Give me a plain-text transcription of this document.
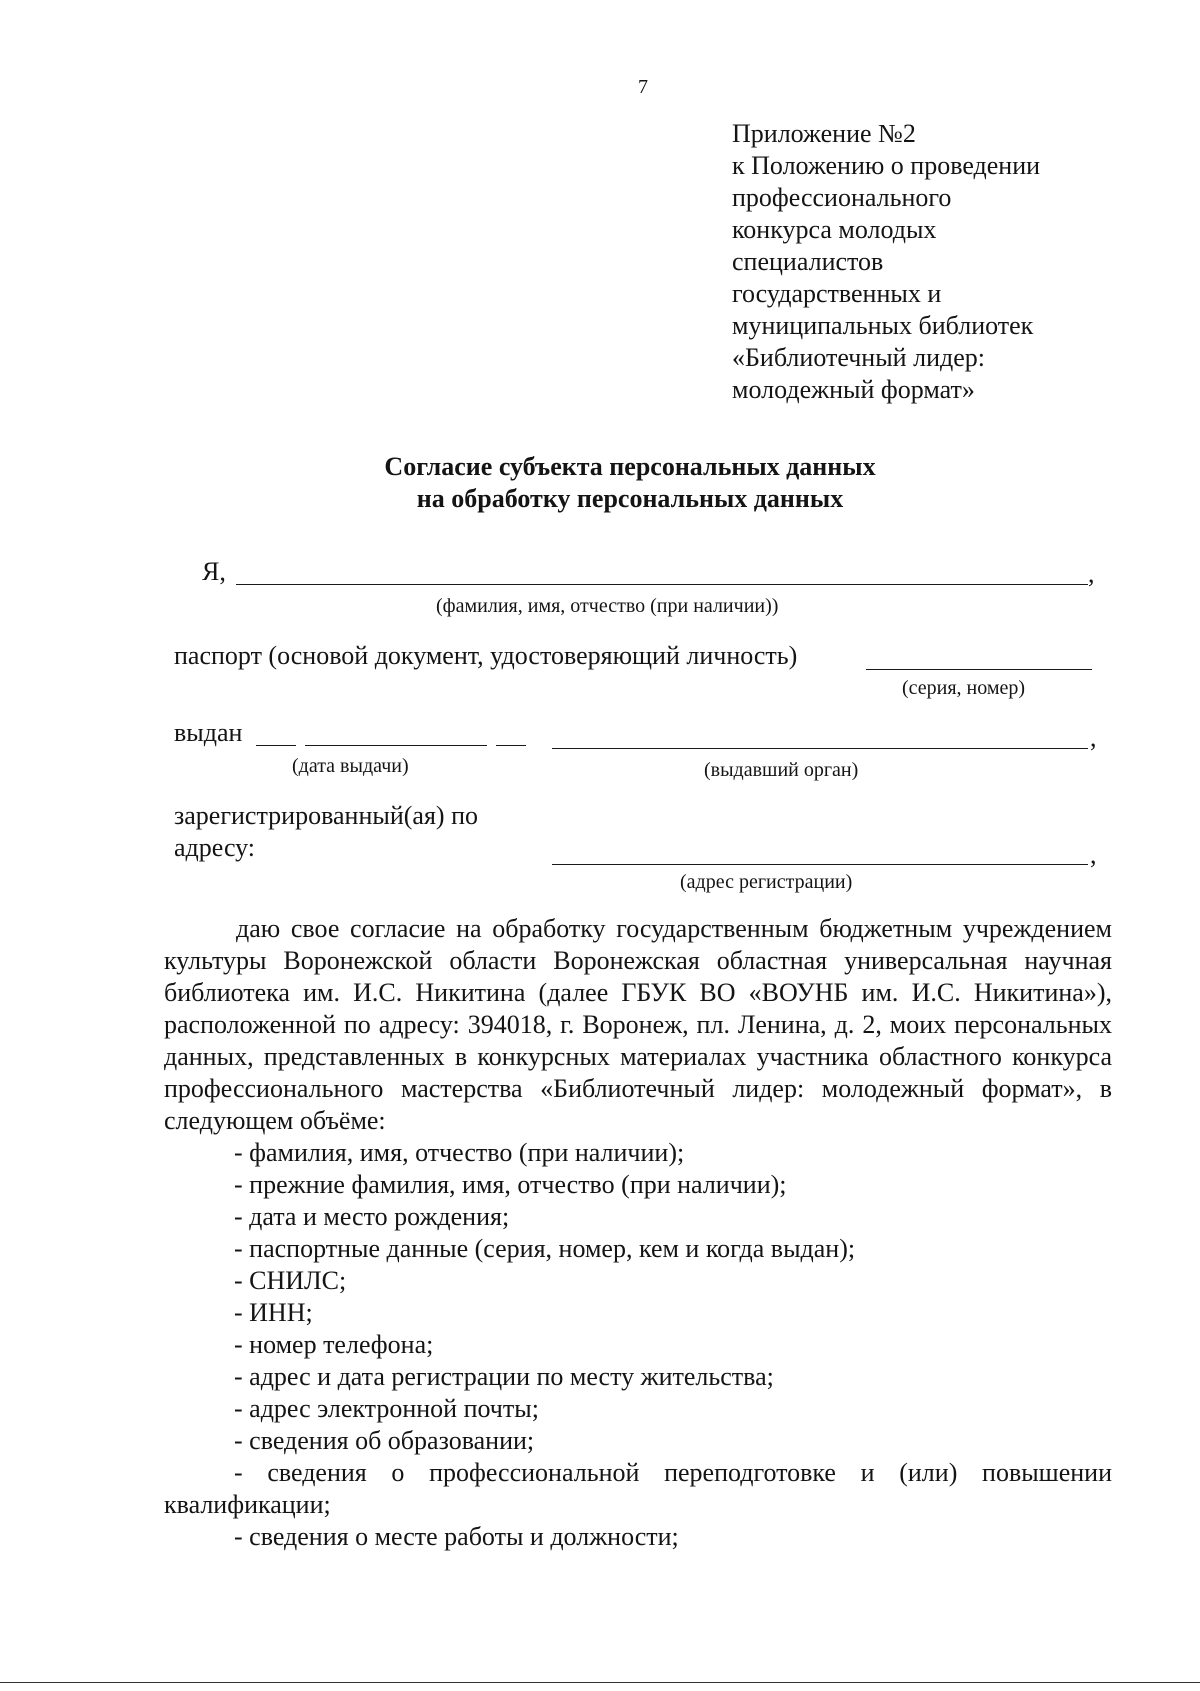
7
Приложение №2
к Положению о проведении
профессионального
конкурса молодых
специалистов
государственных и
муниципальных библиотек
«Библиотечный лидер:
молодежный формат»
Согласие субъекта персональных данных
на обработку персональных данных
Я,	,
(фамилия, имя, отчество (при наличии))
паспорт (основой документ, удостоверяющий личность)
(серия, номер)
выдан	,
(дата выдачи)	(выдавший орган)
зарегистрированный(ая) по
адресу:	,
(адрес регистрации)
даю свое согласие на обработку государственным бюджетным учреждением культуры Воронежской области Воронежская областная универсальная научная библиотека им. И.С. Никитина (далее ГБУК ВО «ВОУНБ им. И.С. Никитина»), расположенной по адресу: 394018, г. Воронеж, пл. Ленина, д. 2, моих персональных данных, представленных в конкурсных материалах участника областного конкурса профессионального мастерства «Библиотечный лидер: молодежный формат», в следующем объёме:
- фамилия, имя, отчество (при наличии);
- прежние фамилия, имя, отчество (при наличии);
- дата и место рождения;
- паспортные данные (серия, номер, кем и когда выдан);
- СНИЛС;
- ИНН;
- номер телефона;
- адрес и дата регистрации по месту жительства;
- адрес электронной почты;
- сведения об образовании;
- сведения о профессиональной переподготовке и (или) повышении квалификации;
- сведения о месте работы и должности;
